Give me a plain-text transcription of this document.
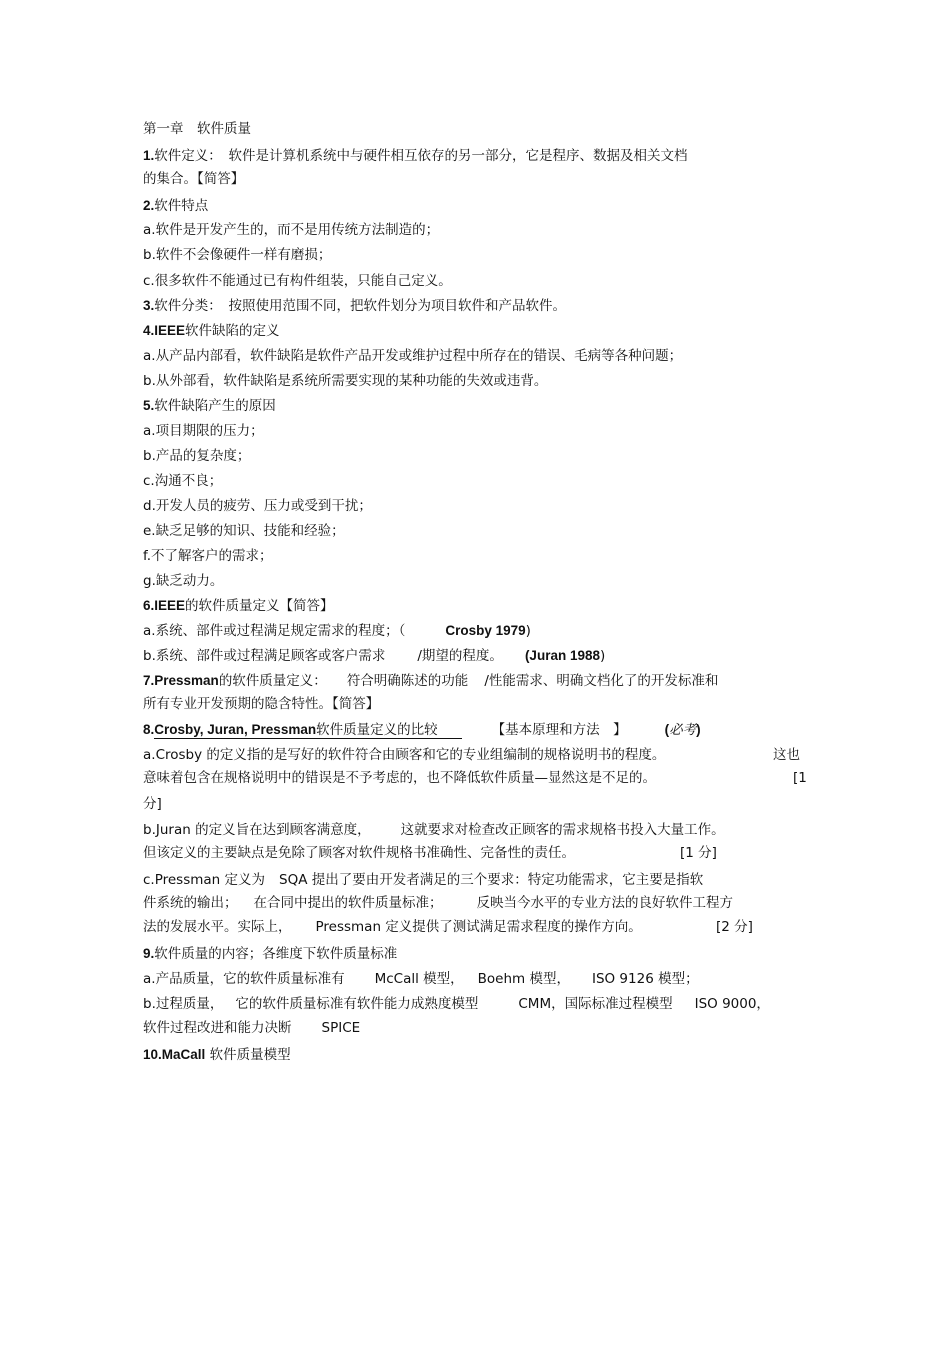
第一章　软件质量
1.软件定义：　软件是计算机系统中与硬件相互依存的另一部分，它是程序、数据及相关文档
的集合。【简答】
2.软件特点
a.软件是开发产生的，而不是用传统方法制造的；
b.软件不会像硬件一样有磨损；
c.很多软件不能通过已有构件组装，只能自己定义。
3.软件分类：　按照使用范围不同，把软件划分为项目软件和产品软件。
4.IEEE软件缺陷的定义
a.从产品内部看，软件缺陷是软件产品开发或维护过程中所存在的错误、毛病等各种问题；
b.从外部看，软件缺陷是系统所需要实现的某种功能的失效或违背。
5.软件缺陷产生的原因
a.项目期限的压力；
b.产品的复杂度；
c.沟通不良；
d.开发人员的疲劳、压力或受到干扰；
e.缺乏足够的知识、技能和经验；
f.不了解客户的需求；
g.缺乏动力。
6.IEEE的软件质量定义【简答】
a.系统、部件或过程满足规定需求的程度；（	Crosby 1979)
b.系统、部件或过程满足顾客或客户需求 /期望的程度。 (Juran 1988)
7.Pressman的软件质量定义： 符合明确陈述的功能 /性能需求、明确文档化了的开发标准和
所有专业开发预期的隐含特性。【简答】
8.Crosby, Juran, Pressman软件质量定义的比较	【基本原理和方法　】	(必考)
a.Crosby 的定义指的是写好的软件符合由顾客和它的专业组编制的规格说明书的程度。	这也
意味着包含在规格说明中的错误是不予考虑的，也不降低软件质量—显然这是不足的。	[1
分]
b.Juran 的定义旨在达到顾客满意度， 这就要求对检查改正顾客的需求规格书投入大量工作。
但该定义的主要缺点是免除了顾客对软件规格书准确性、完备性的责任。	[1 分]
c.Pressman 定义为 SQA 提出了要由开发者满足的三个要求：特定功能需求，它主要是指软
件系统的输出； 在合同中提出的软件质量标准；	反映当今水平的专业方法的良好软件工程方
法的发展水平。实际上， Pressman 定义提供了测试满足需求程度的操作方向。	[2 分]
9.软件质量的内容；各维度下软件质量标准
a.产品质量，它的软件质量标准有 McCall 模型， Boehm 模型， ISO 9126 模型；
b.过程质量， 它的软件质量标准有软件能力成熟度模型	CMM，国际标准过程模型 ISO 9000，
软件过程改进和能力决断 SPICE
10.MaCall 软件质量模型
